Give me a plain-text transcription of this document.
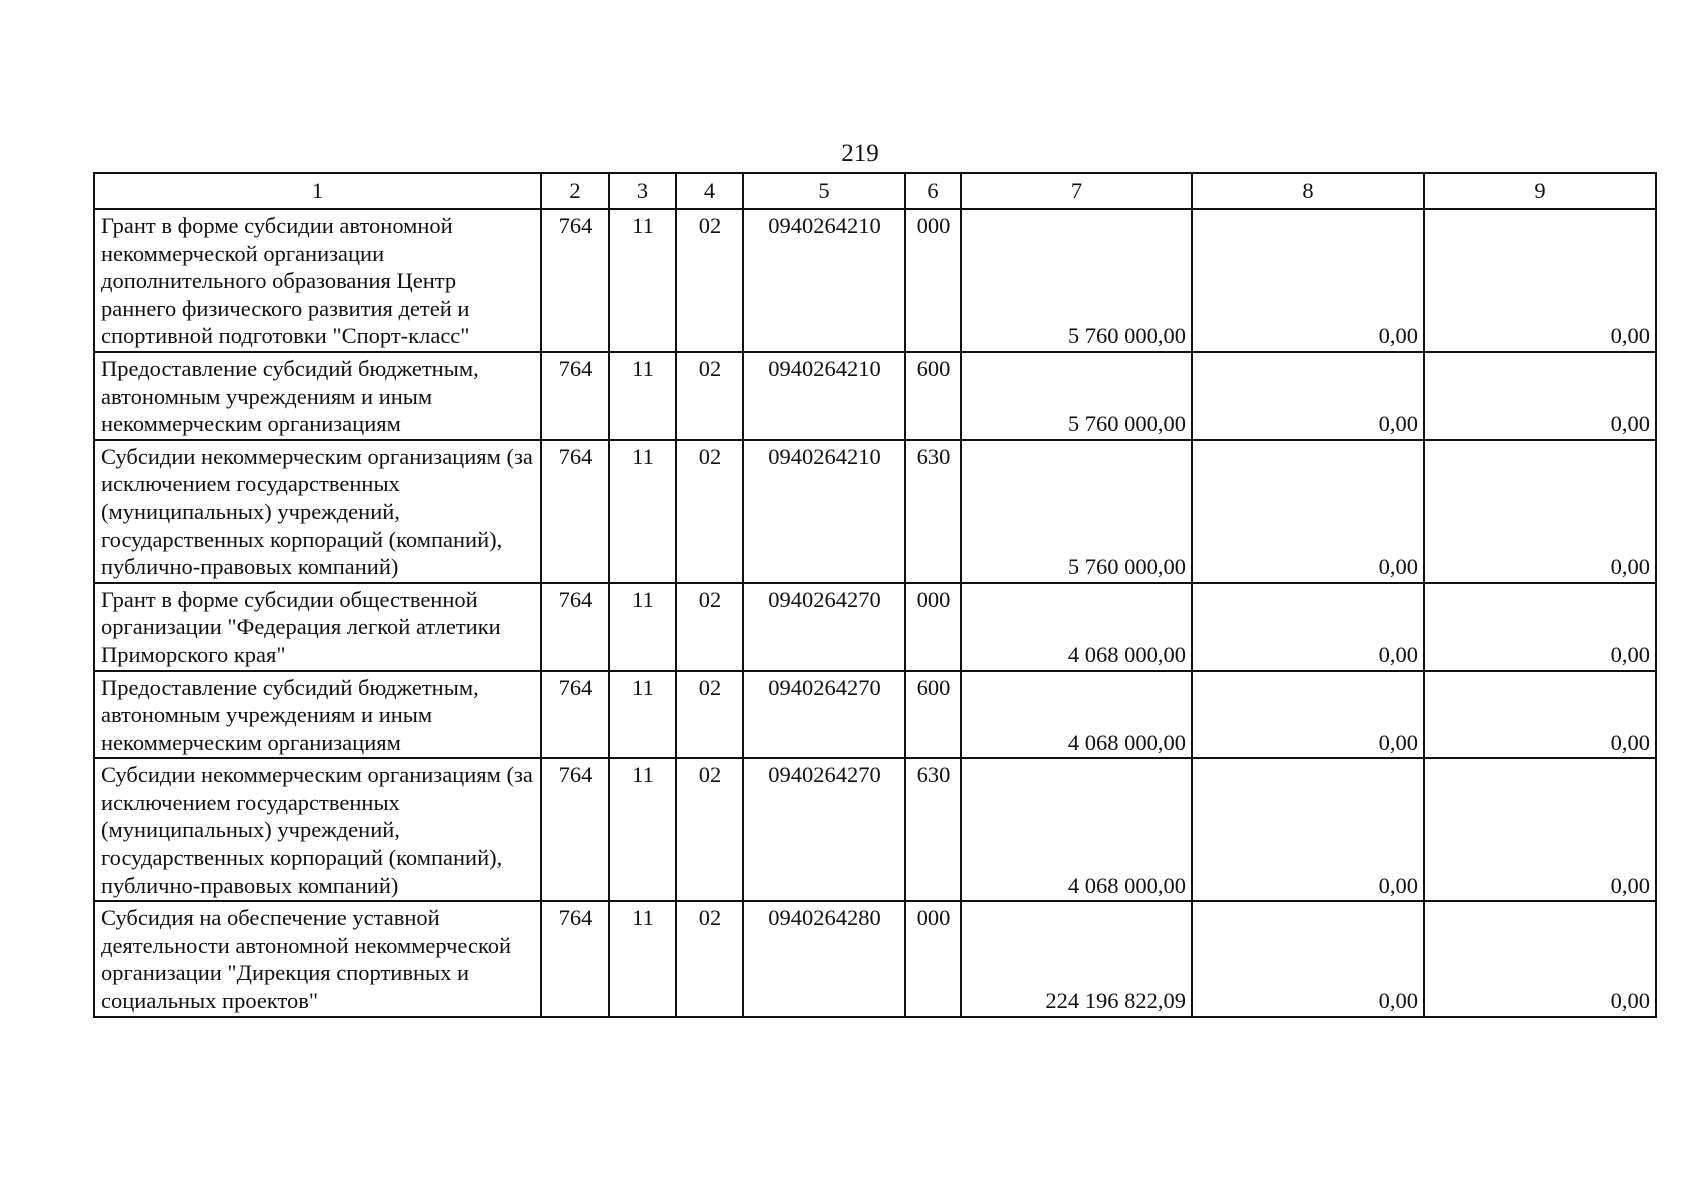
219
1	2	3	4	5	6	7	8	9
Грант в форме субсидии автономной некоммерческой организации дополнительного образования Центр раннего физического развития детей и спортивной подготовки "Спорт-класс"	764	11	02	0940264210	000	5 760 000,00	0,00	0,00
Предоставление субсидий бюджетным, автономным учреждениям и иным некоммерческим организациям	764	11	02	0940264210	600	5 760 000,00	0,00	0,00
Субсидии некоммерческим организациям (за исключением государственных (муниципальных) учреждений, государственных корпораций (компаний), публично-правовых компаний)	764	11	02	0940264210	630	5 760 000,00	0,00	0,00
Грант в форме субсидии общественной организации "Федерация легкой атлетики Приморского края"	764	11	02	0940264270	000	4 068 000,00	0,00	0,00
Предоставление субсидий бюджетным, автономным учреждениям и иным некоммерческим организациям	764	11	02	0940264270	600	4 068 000,00	0,00	0,00
Субсидии некоммерческим организациям (за исключением государственных (муниципальных) учреждений, государственных корпораций (компаний), публично-правовых компаний)	764	11	02	0940264270	630	4 068 000,00	0,00	0,00
Субсидия на обеспечение уставной деятельности автономной некоммерческой организации "Дирекция спортивных и социальных проектов"	764	11	02	0940264280	000	224 196 822,09	0,00	0,00
